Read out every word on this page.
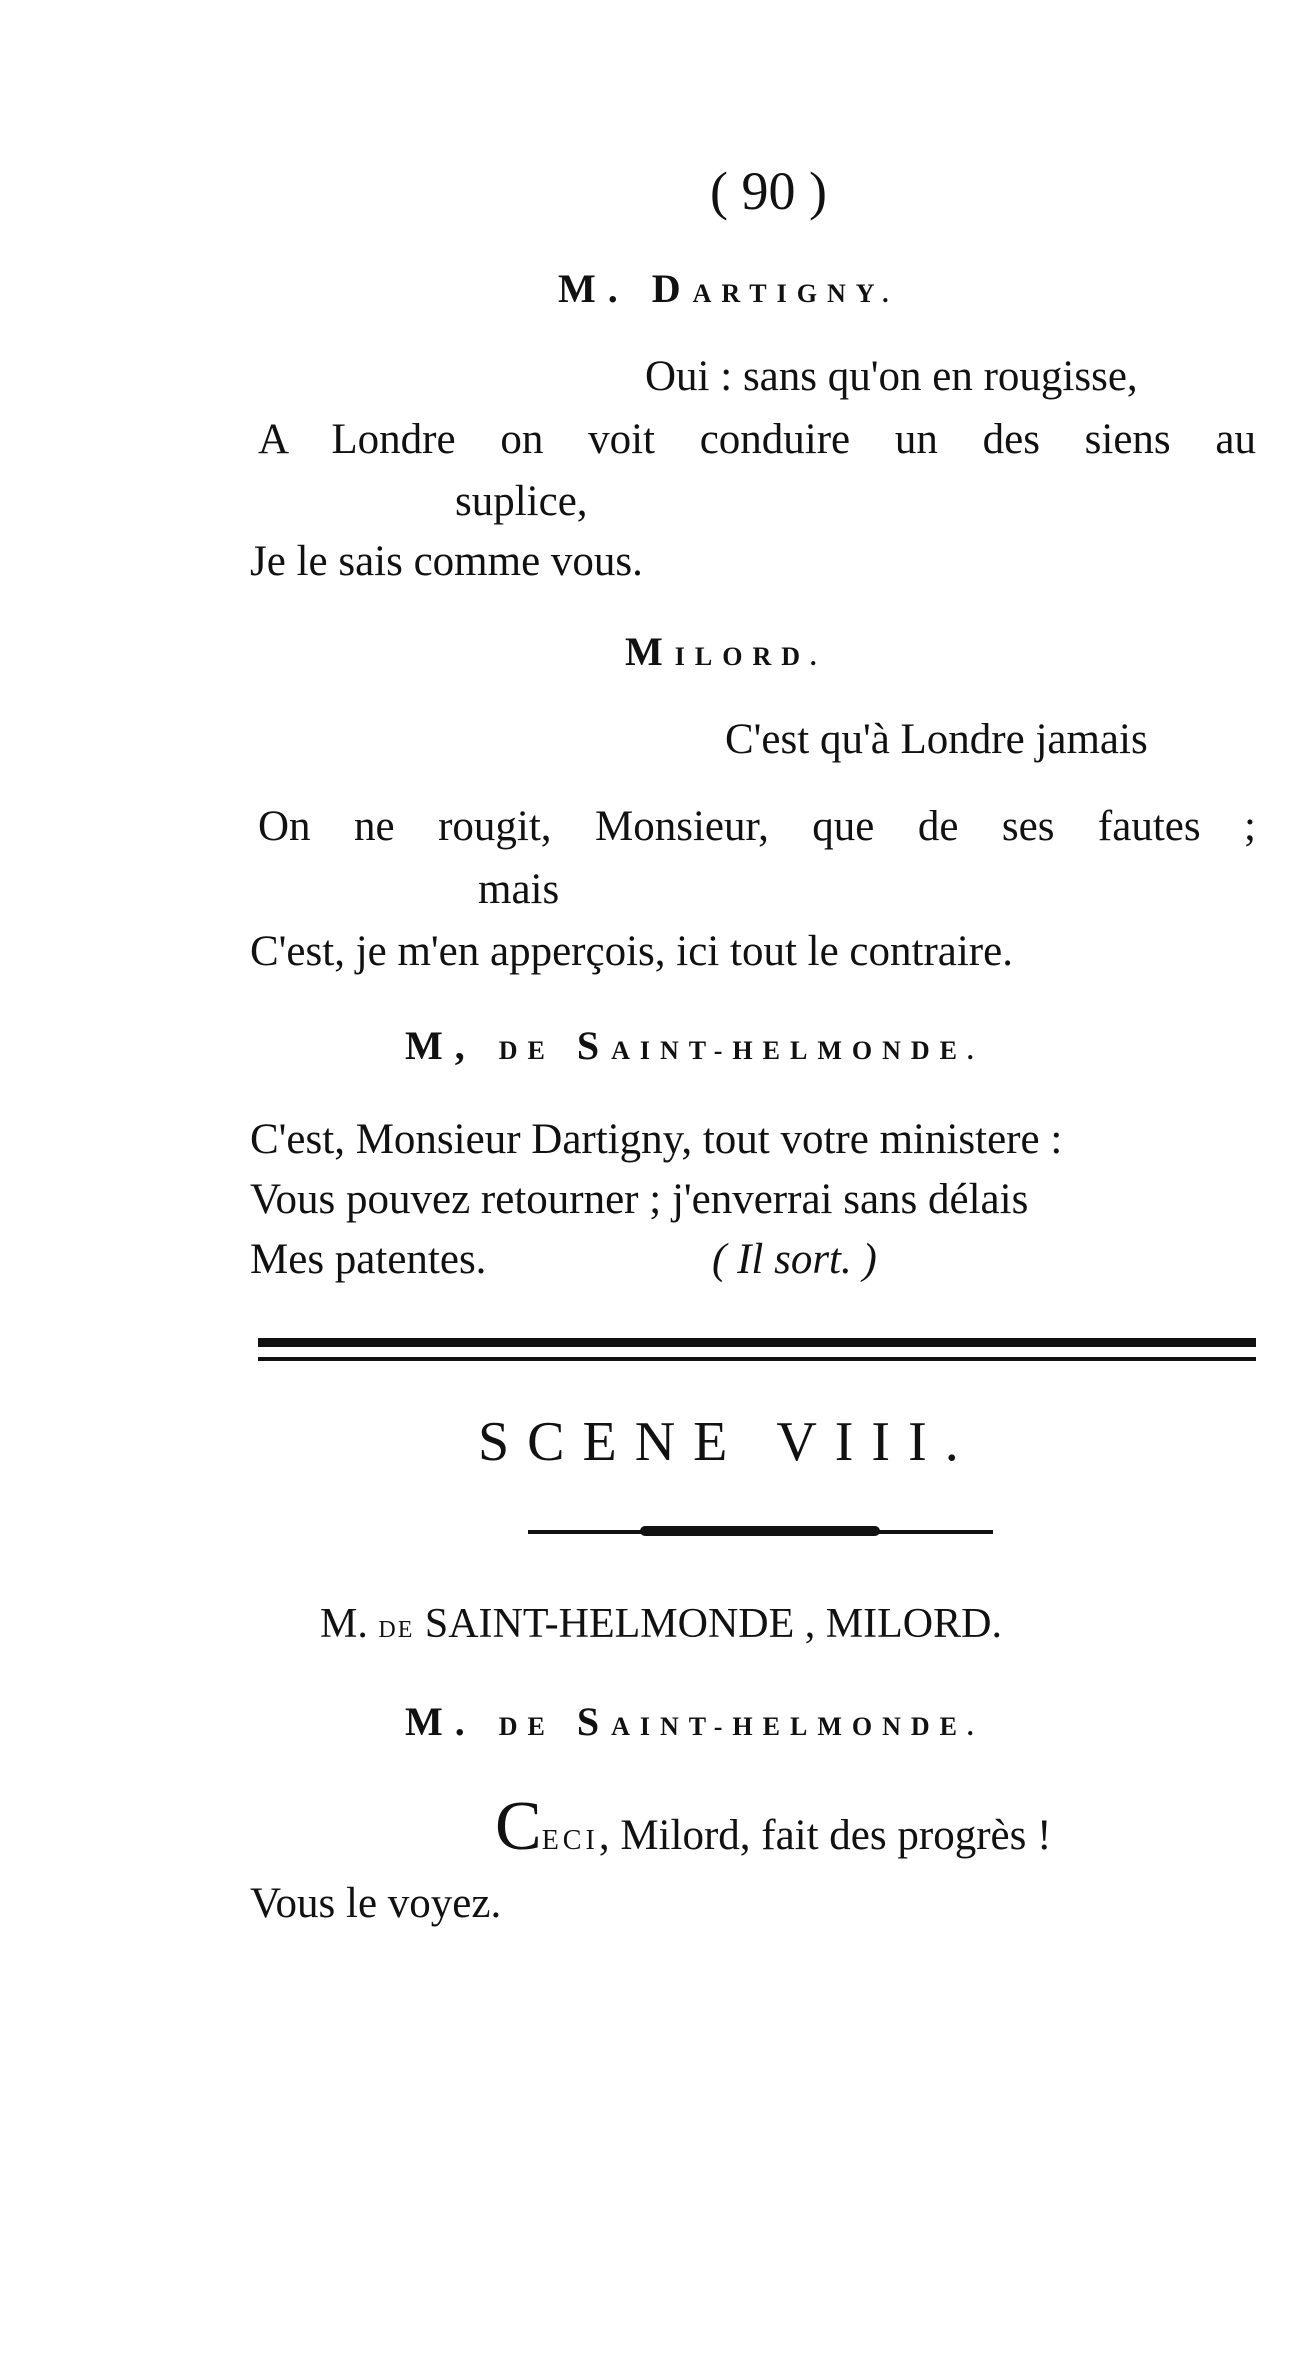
( 90 )
M. DARTIGNY.
Oui : sans qu'on en rougisse,
A Londre on voit conduire un des siens au
suplice,
Je le sais comme vous.
MILORD.
C'est qu'à Londre jamais
On ne rougit, Monsieur, que de ses fautes ;
mais
C'est, je m'en apperçois, ici tout le contraire.
M, DE SAINT-HELMONDE.
C'est, Monsieur Dartigny, tout votre ministere :
Vous pouvez retourner ; j'enverrai sans délais
Mes patentes.	( Il sort. )
SCENE VIII.
M. DE SAINT-HELMONDE , MILORD.
M. DE SAINT-HELMONDE.
CECI, Milord, fait des progrès !
Vous le voyez.
